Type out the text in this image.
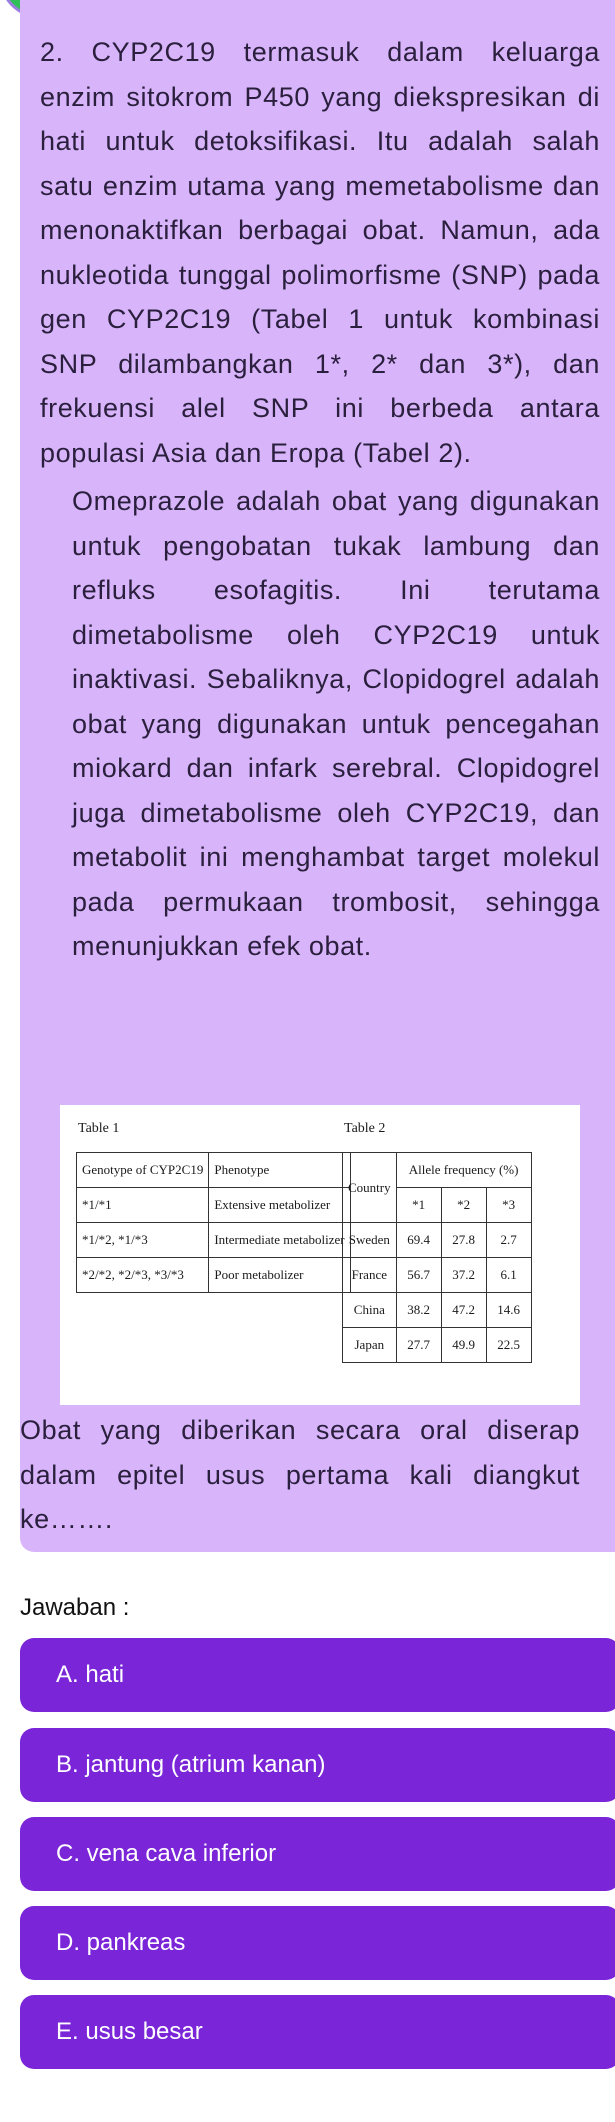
2. CYP2C19 termasuk dalam keluarga enzim sitokrom P450 yang diekspresikan di hati untuk detoksifikasi. Itu adalah salah satu enzim utama yang memetabolisme dan menonaktifkan berbagai obat. Namun, ada nukleotida tunggal polimorfisme (SNP) pada gen CYP2C19 (Tabel 1 untuk kombinasi SNP dilambangkan 1*, 2* dan 3*), dan frekuensi alel SNP ini berbeda antara populasi Asia dan Eropa (Tabel 2).

Omeprazole adalah obat yang digunakan untuk pengobatan tukak lambung dan refluks esofagitis. Ini terutama dimetabolisme oleh CYP2C19 untuk inaktivasi. Sebaliknya, Clopidogrel adalah obat yang digunakan untuk pencegahan miokard dan infark serebral. Clopidogrel juga dimetabolisme oleh CYP2C19, dan metabolit ini menghambat target molekul pada permukaan trombosit, sehingga menunjukkan efek obat.

Table 1	Table 2
Genotype of CYP2C19	Phenotype
*1/*1	Extensive metabolizer
*1/*2, *1/*3	Intermediate metabolizer
*2/*2, *2/*3, *3/*3	Poor metabolizer
Country	Allele frequency (%)		
	*1	*2	*3
Sweden	69.4	27.8	2.7
France	56.7	37.2	6.1
China	38.2	47.2	14.6
Japan	27.7	49.9	22.5

Obat yang diberikan secara oral diserap dalam epitel usus pertama kali diangkut ke…….

Jawaban :
A. hati
B. jantung (atrium kanan)
C. vena cava inferior
D. pankreas
E. usus besar
